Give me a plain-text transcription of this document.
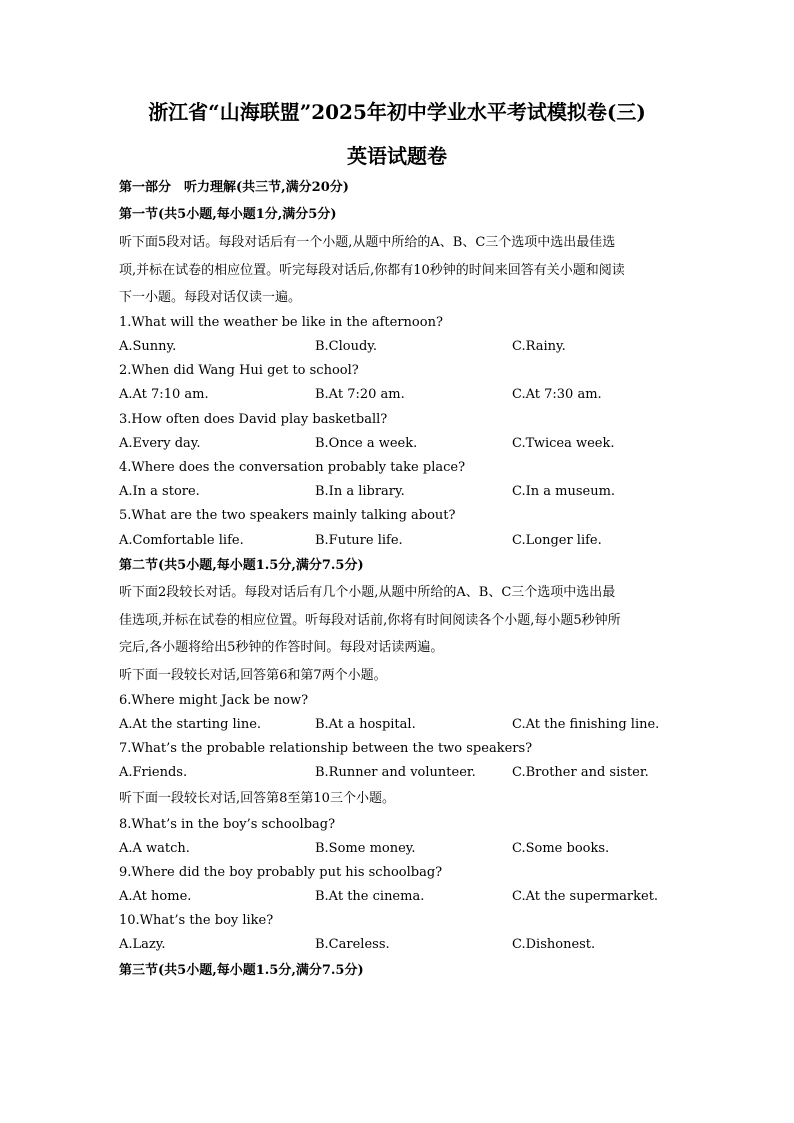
浙江省“山海联盟”2025年初中学业水平考试模拟卷(三)
英语试题卷
第一部分　听力理解(共三节,满分20分)
第一节(共5小题,每小题1分,满分5分)
听下面5段对话。每段对话后有一个小题,从题中所给的A、B、C三个选项中选出最佳选
项,并标在试卷的相应位置。听完每段对话后,你都有10秒钟的时间来回答有关小题和阅读
下一小题。每段对话仅读一遍。
1.What will the weather be like in the afternoon?
A.Sunny.	B.Cloudy.	C.Rainy.
2.When did Wang Hui get to school?
A.At 7:10 am.	B.At 7:20 am.	C.At 7:30 am.
3.How often does David play basketball?
A.Every day.	B.Once a week.	C.Twicea week.
4.Where does the conversation probably take place?
A.In a store.	B.In a library.	C.In a museum.
5.What are the two speakers mainly talking about?
A.Comfortable life.	B.Future life.	C.Longer life.
第二节(共5小题,每小题1.5分,满分7.5分)
听下面2段较长对话。每段对话后有几个小题,从题中所给的A、B、C三个选项中选出最
佳选项,并标在试卷的相应位置。听每段对话前,你将有时间阅读各个小题,每小题5秒钟所
完后,各小题将给出5秒钟的作答时间。每段对话读两遍。
听下面一段较长对话,回答第6和第7两个小题。
6.Where might Jack be now?
A.At the starting line.	B.At a hospital.	C.At the finishing line.
7.What’s the probable relationship between the two speakers?
A.Friends.	B.Runner and volunteer.	C.Brother and sister.
听下面一段较长对话,回答第8至第10三个小题。
8.What’s in the boy’s schoolbag?
A.A watch.	B.Some money.	C.Some books.
9.Where did the boy probably put his schoolbag?
A.At home.	B.At the cinema.	C.At the supermarket.
10.What’s the boy like?
A.Lazy.	B.Careless.	C.Dishonest.
第三节(共5小题,每小题1.5分,满分7.5分)
